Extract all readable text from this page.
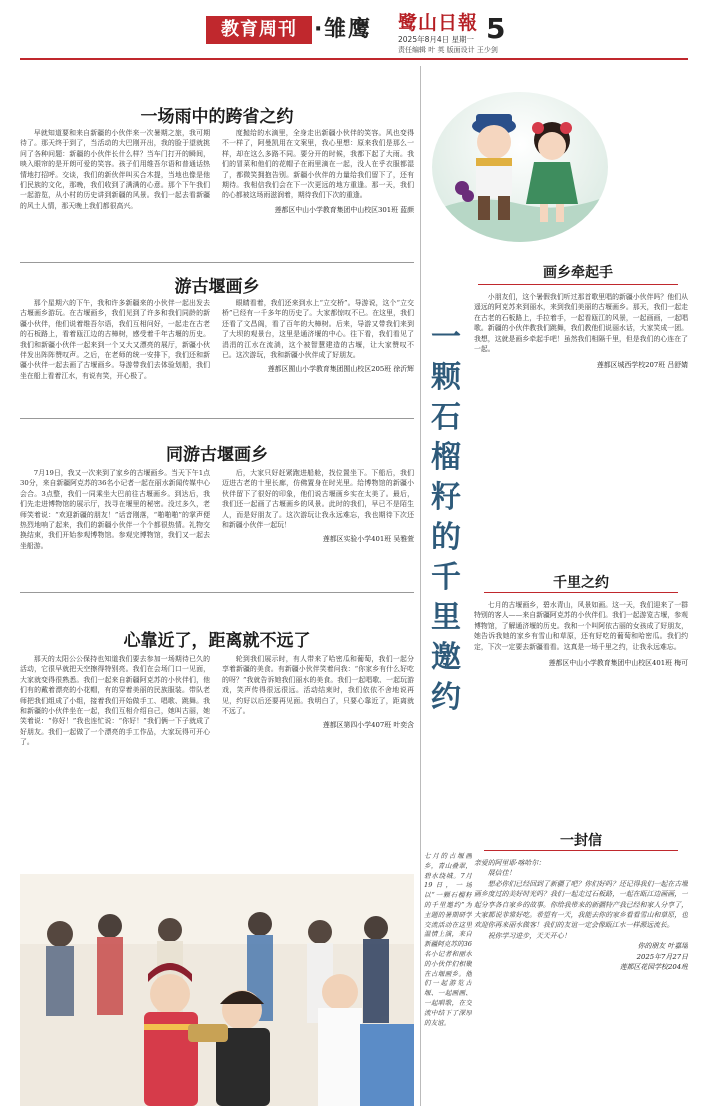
教育周刊 · 雏鹰 鹭山日報
2025年8月4日 星期一
责任编辑 叶 英 版面设计 王少剑
5
一场雨中的跨省之约

早就知道要和来自新疆的小伙伴来一次暑期之旅，我可期待了。那天终于到了，当活动的大巴刚开出，我的脸于望就挑问了各种问题：新疆的小伙伴长什么样？当车门打开的瞬间，映入眼帘的是开朗可爱的笑容。孩子们用维吾尔语和普通话热情地打招呼。交谈，我们的新伙伴叫买合木提，当地也像是他们民族的文化，那晚，我们收到了满满的心意。那个下午我们一起游览，从小村的历史讲到新疆的风景。我们一起去看新疆的风土人情，那天晚上我们都很高兴。

度抛给的水滴里，全身走出新疆小伙伴的笑容。风也变得不一样了，阿曼凯用在文案里，我心里想：原来我们是那么一样，却在这么多路不同。要分开的时候，我都下起了大雨。我们的冒菜和他们的花帽子在雨里滴在一起，没人在乎衣服都湿了，都微笑拥抱告别。新疆小伙伴的力量给我们留下了，还有期待。我相信我们会在下一次更远的地方重逢。那一天，我们的心都被这场雨滋润着，期待我们下次的重逢。

莲都区中山小学教育集团中山校区301班 蓝颜
游古堰画乡

那个星期六的下午，我和许多新疆来的小伙伴一起出发去古堰画乡游玩。在古堰画乡，我们见到了许多和我们同龄的新疆小伙伴，他们说着维吾尔语，我们互相问好，一起走在古老的石板路上，看着瓯江边的古樟树，感受着千年古堰的历史。我们和新疆小伙伴一起来到一个又大又漂亮的展厅，新疆小伙伴发出阵阵赞叹声。之后，在老师的统一安排下，我们还和新疆小伙伴一起去画了古堰画乡。导游带我们去体验划船，我们坐在船上看着江水，有说有笑，开心极了。

眼睛看着，我们还来到水上“立交桥”。导游说，这个“立交桥”已经有一千多年的历史了。大家都惊叹不已。在这里，我们还看了文昌阁，看了百年的大樟树。后来，导游又带我们来到了大坝的观景台，这里是通济堰的中心。往下看，我们看见了涓涓的江水在流淌，这个被智慧建造的古堰，让大家赞叹不已。这次游玩，我和新疆小伙伴成了好朋友。

莲都区囿山小学教育集团囿山校区205班 徐沂辉
同游古堰画乡

7月19日，我又一次来到了家乡的古堰画乡。当天下午1点30分，来自新疆阿克苏的36名小记者一起在丽水新闻传媒中心会合。3点整，我们一同乘坐大巴前往古堰画乡。到达后，我们先走进博物馆的展示厅，找寻在堰里的秘密。没过多久，老师笑着说：“欢迎新疆的朋友！”话音刚落，“啪啪啪”的掌声便热烈地响了起来，我们的新疆小伙伴一个个都很热情。礼物交换结束，我们开始参观博物馆。参观完博物馆，我们又一起去坐船游。

后，大家只好赶紧跑进船舱，找位置坐下。下船后，我们迈进古老的十里长廊，仿佛置身在时光里。给博物馆的新疆小伙伴留下了很好的印象，他们说古堰画乡实在太美了。最后，我们还一起画了古堰画乡的风景。此时的我们，早已不是陌生人，而是好朋友了。这次游玩让我永远难忘，我也期待下次还和新疆小伙伴一起玩！

莲都区实验小学401班 吴雅萱
心靠近了，距离就不远了

那天的太阳公公保持也知道我们要去参加一场期待已久的活动，它很早就把天空擦得特别亮。我们在会场门口一见面，大家就变得很熟悉。我们一起来自新疆阿克苏的小伙伴们，他们有的戴着漂亮的小花帽，有的穿着美丽的民族服装。带队老师把我们组成了小组，接着我们开始做手工、唱歌、跳舞。我和新疆的小伙伴坐在一起，我们互相介绍自己，她叫古丽，她笑着说：“你好！”我也连忙说：“你好！”我们俩一下子就成了好朋友。我们一起做了一个漂亮的手工作品，大家玩得可开心了。

轮到我们展示时，有人带来了哈密瓜和葡萄，我们一起分享着新疆的美食。有新疆小伙伴笑着问我：“你家乡有什么好吃的呀？”我就告诉她我们丽水的美食。我们一起唱歌、一起玩游戏，笑声传得很远很远。活动结束时，我们依依不舍地说再见，约好以后还要再见面。我明白了，只要心靠近了，距离就不远了。

莲都区第四小学407班 叶奕含
画乡牵起手

小朋友们，这个暑假我们听过那首歌里唱的新疆小伙伴吗？他们从遥远的阿克苏来到丽水，来到我们美丽的古堰画乡。那天，我们一起走在古老的石板路上，手拉着手，一起看瓯江的风景，一起画画，一起唱歌。新疆的小伙伴教我们跳舞，我们教他们说丽水话，大家笑成一团。我想，这就是画乡牵起手吧！虽然我们相隔千里，但是我们的心连在了一起。

莲都区城西学校207班 吕舒婧
一
颗
石
榴
籽
的
千
里
邀
约
千里之约

七月的古堰画乡，碧水青山，风景如画。这一天，我们迎来了一群特别的客人——来自新疆阿克苏的小伙伴们。我们一起游览古堰，参观博物馆，了解通济堰的历史。我和一个叫阿依古丽的女孩成了好朋友，她告诉我她的家乡有雪山和草原，还有好吃的葡萄和哈密瓜。我们约定，下次一定要去新疆看看。这真是一场千里之约，让我永远难忘。

莲都区中山小学教育集团中山校区401班 梅可

七月的古堰画乡，青山叠翠，碧水绕城。7月19日，一场以“一颗石榴籽的千里邀约”为主题的暑期研学交流活动在这里温情上演，来自新疆阿克苏的36名小记者和丽水的小伙伴们相聚在古堰画乡。他们一起游览古堰、一起画画、一起唱歌，在交流中结下了深厚的友谊。

一封信
亲爱的阿里耶·喀哈尔：

展信佳！

想必你们已经回到了新疆了吧？你们好吗？还记得我们一起在古堰画乡度过的美好时光吗？我们一起走过石板路，一起在瓯江边画画，一起分享各自家乡的故事。你给我带来的新疆特产我已经和家人分享了，大家都说非常好吃。希望有一天，我能去你的家乡看看雪山和草原，也欢迎你再来丽水做客！我们的友谊一定会像瓯江水一样源远流长。

祝你学习进步，天天开心！

你的朋友 叶嘉瑶
2025年7月27日
莲都区花园学校204班
